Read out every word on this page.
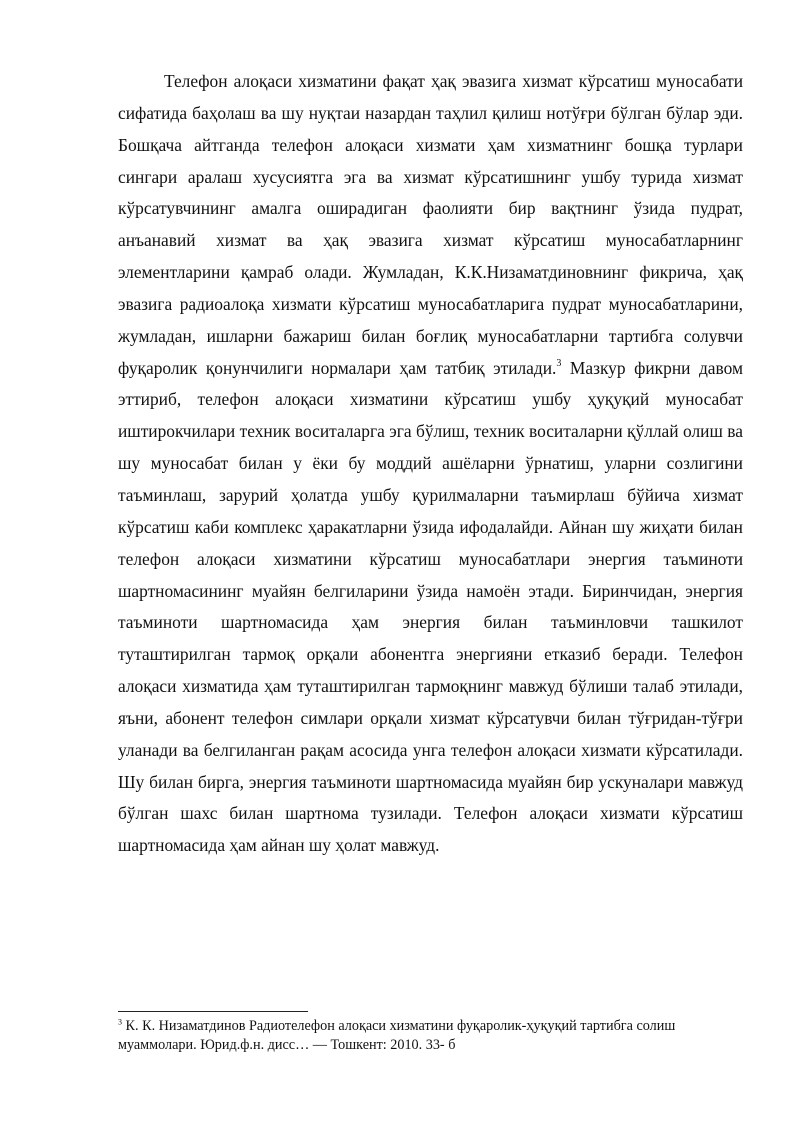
Телефон алоқаси хизматини фақат ҳақ эвазига хизмат кўрсатиш муносабати сифатида баҳолаш ва шу нуқтаи назардан таҳлил қилиш нотўғри бўлган бўлар эди. Бошқача айтганда телефон алоқаси хизмати ҳам хизматнинг бошқа турлари сингари аралаш хусусиятга эга ва хизмат кўрсатишнинг ушбу турида хизмат кўрсатувчининг амалга оширадиган фаолияти бир вақтнинг ўзида пудрат, анъанавий хизмат ва ҳақ эвазига хизмат кўрсатиш муносабатларнинг элементларини қамраб олади. Жумладан, К.К.Низаматдиновнинг фикрича, ҳақ эвазига радиоалоқа хизмати кўрсатиш муносабатларига пудрат муносабатларини, жумладан, ишларни бажариш билан боғлиқ муносабатларни тартибга солувчи фуқаролик қонунчилиги нормалари ҳам татбиқ этилади.$^3$ Мазкур фикрни давом эттириб, телефон алоқаси хизматини кўрсатиш ушбу ҳуқуқий муносабат иштирокчилари техник воситаларга эга бўлиш, техник воситаларни қўллай олиш ва шу муносабат билан у ёки бу моддий ашёларни ўрнатиш, уларни созлигини таъминлаш, зарурий ҳолатда ушбу қурилмаларни таъмирлаш бўйича хизмат кўрсатиш каби комплекс ҳаракатларни ўзида ифодалайди. Айнан шу жиҳати билан телефон алоқаси хизматини кўрсатиш муносабатлари энергия таъминоти шартномасининг муайян белгиларини ўзида намоён этади. Биринчидан, энергия таъминоти шартномасида ҳам энергия билан таъминловчи ташкилот туташтирилган тармоқ орқали абонентга энергияни етказиб беради. Телефон алоқаси хизматида ҳам туташтирилган тармоқнинг мавжуд бўлиши талаб этилади, яъни, абонент телефон симлари орқали хизмат кўрсатувчи билан тўғридан-тўғри уланади ва белгиланган рақам асосида унга телефон алоқаси хизмати кўрсатилади. Шу билан бирга, энергия таъминоти шартномасида муайян бир ускуналари мавжуд бўлган шахс билан шартнома тузилади. Телефон алоқаси хизмати кўрсатиш шартномасида ҳам айнан шу ҳолат мавжуд.

$^3$ К. К. Низаматдинов Радиотелефон алоқаси хизматини фуқаролик-ҳуқуқий тартибга солиш муаммолари. Юрид.ф.н. дисс… — Тошкент: 2010. 33- б
